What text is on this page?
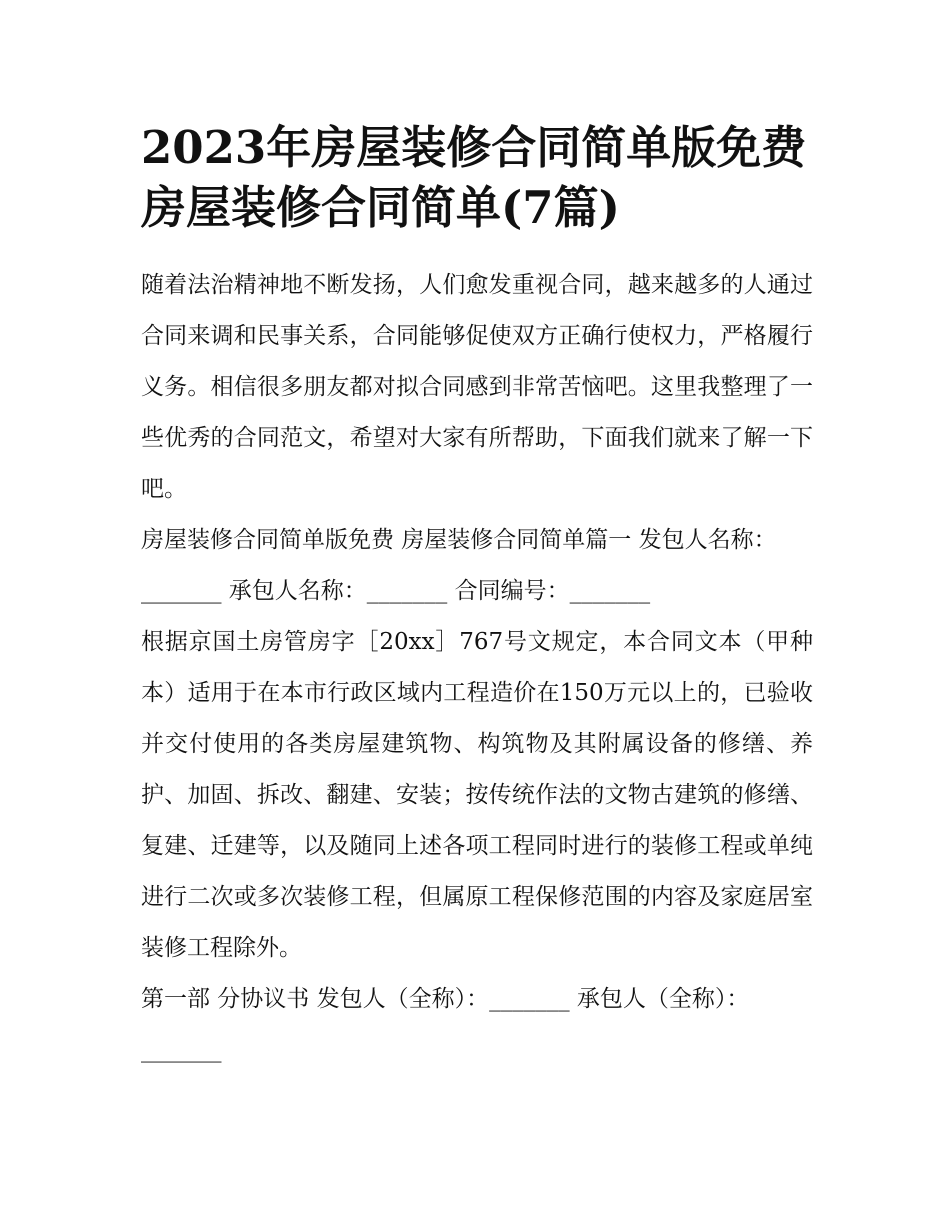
2023年房屋装修合同简单版免费 房屋装修合同简单(7篇)

随着法治精神地不断发扬，人们愈发重视合同，越来越多的人通过合同来调和民事关系，合同能够促使双方正确行使权力，严格履行义务。相信很多朋友都对拟合同感到非常苦恼吧。这里我整理了一些优秀的合同范文，希望对大家有所帮助，下面我们就来了解一下吧。

房屋装修合同简单版免费 房屋装修合同简单篇一 发包人名称：_______ 承包人名称：_______ 合同编号：_______

根据京国土房管房字［20xx］767号文规定，本合同文本（甲种本）适用于在本市行政区域内工程造价在150万元以上的，已验收并交付使用的各类房屋建筑物、构筑物及其附属设备的修缮、养护、加固、拆改、翻建、安装；按传统作法的文物古建筑的修缮、复建、迁建等，以及随同上述各项工程同时进行的装修工程或单纯进行二次或多次装修工程，但属原工程保修范围的内容及家庭居室装修工程除外。

第一部 分协议书 发包人（全称）：_______ 承包人（全称）：_______
